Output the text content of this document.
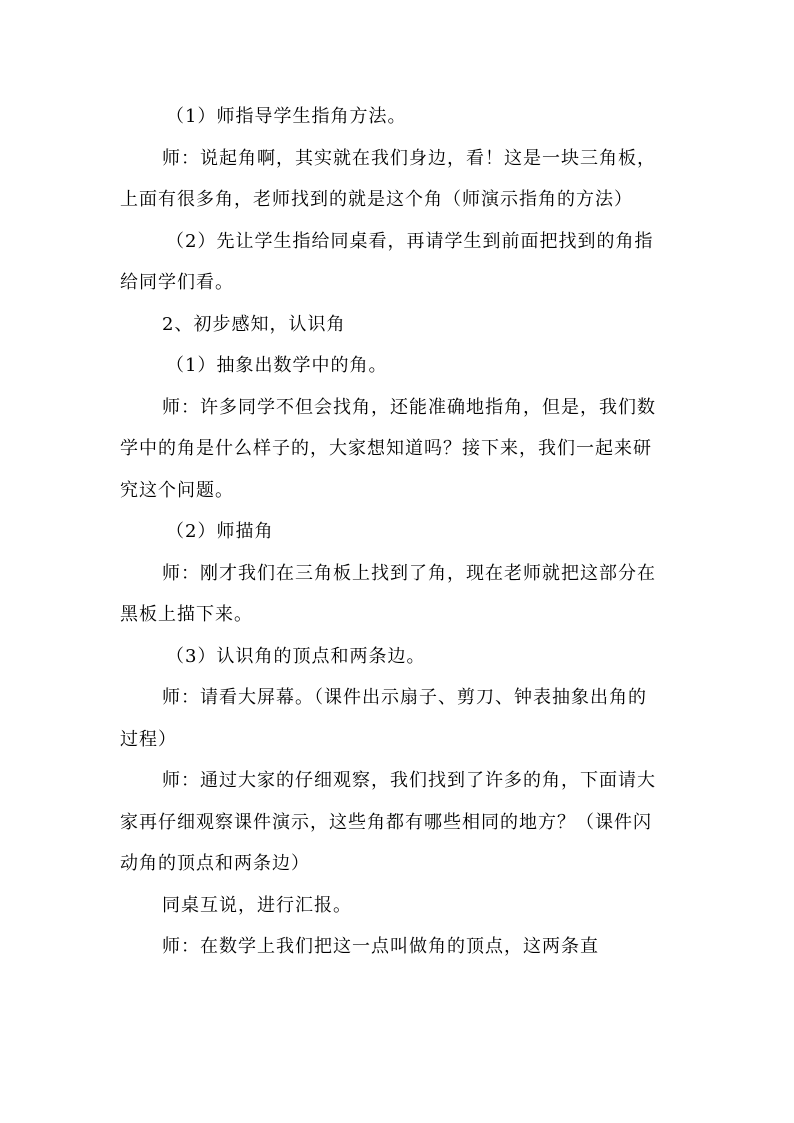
（1）师指导学生指角方法。

师：说起角啊，其实就在我们身边，看！这是一块三角板，上面有很多角，老师找到的就是这个角（师演示指角的方法）

（2）先让学生指给同桌看，再请学生到前面把找到的角指给同学们看。

2、初步感知，认识角

（1）抽象出数学中的角。

师：许多同学不但会找角，还能准确地指角，但是，我们数学中的角是什么样子的，大家想知道吗？接下来，我们一起来研究这个问题。

（2）师描角

师：刚才我们在三角板上找到了角，现在老师就把这部分在黑板上描下来。

（3）认识角的顶点和两条边。

师：请看大屏幕。（课件出示扇子、剪刀、钟表抽象出角的过程）

师：通过大家的仔细观察，我们找到了许多的角，下面请大家再仔细观察课件演示，这些角都有哪些相同的地方？（课件闪动角的顶点和两条边）

同桌互说，进行汇报。

师：在数学上我们把这一点叫做角的顶点，这两条直
